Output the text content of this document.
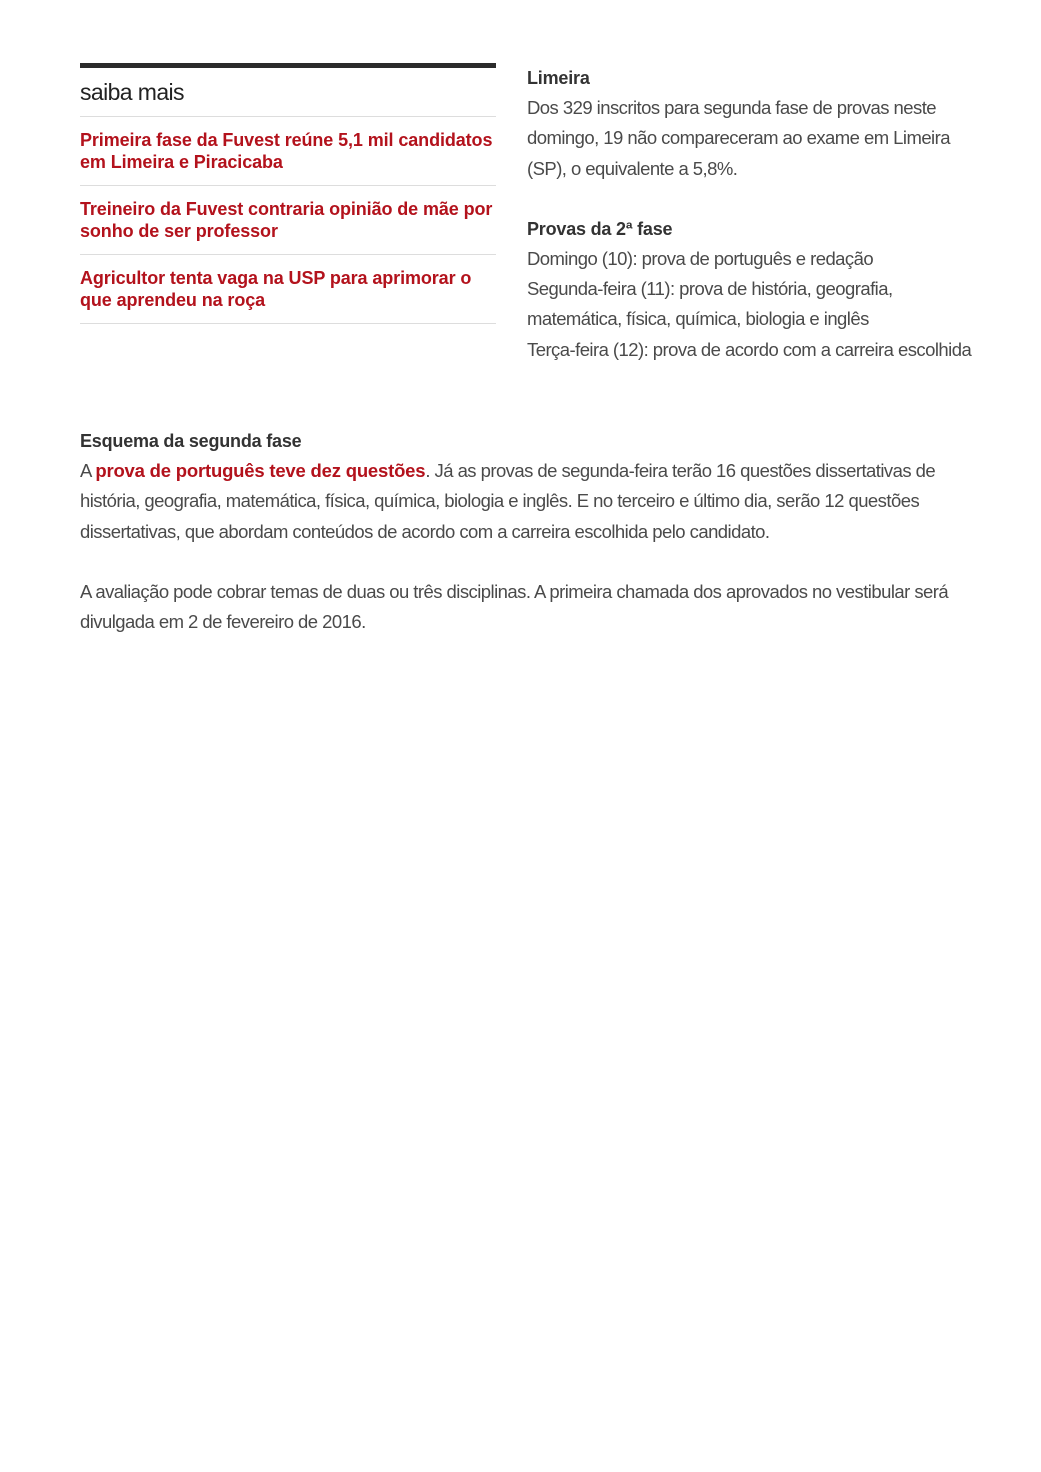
saiba mais
Primeira fase da Fuvest reúne 5,1 mil candidatos em Limeira e Piracicaba
Treineiro da Fuvest contraria opinião de mãe por sonho de ser professor
Agricultor tenta vaga na USP para aprimorar o que aprendeu na roça
Limeira
Dos 329 inscritos para segunda fase de provas neste domingo, 19 não compareceram ao exame em Limeira (SP), o equivalente a 5,8%.
Provas da 2ª fase
Domingo (10): prova de português e redação
Segunda-feira (11): prova de história, geografia, matemática, física, química, biologia e inglês
Terça-feira (12): prova de acordo com a carreira escolhida
Esquema da segunda fase
A prova de português teve dez questões. Já as provas de segunda-feira terão 16 questões dissertativas de história, geografia, matemática, física, química, biologia e inglês. E no terceiro e último dia, serão 12 questões dissertativas, que abordam conteúdos de acordo com a carreira escolhida pelo candidato.
A avaliação pode cobrar temas de duas ou três disciplinas. A primeira chamada dos aprovados no vestibular será divulgada em 2 de fevereiro de 2016.
